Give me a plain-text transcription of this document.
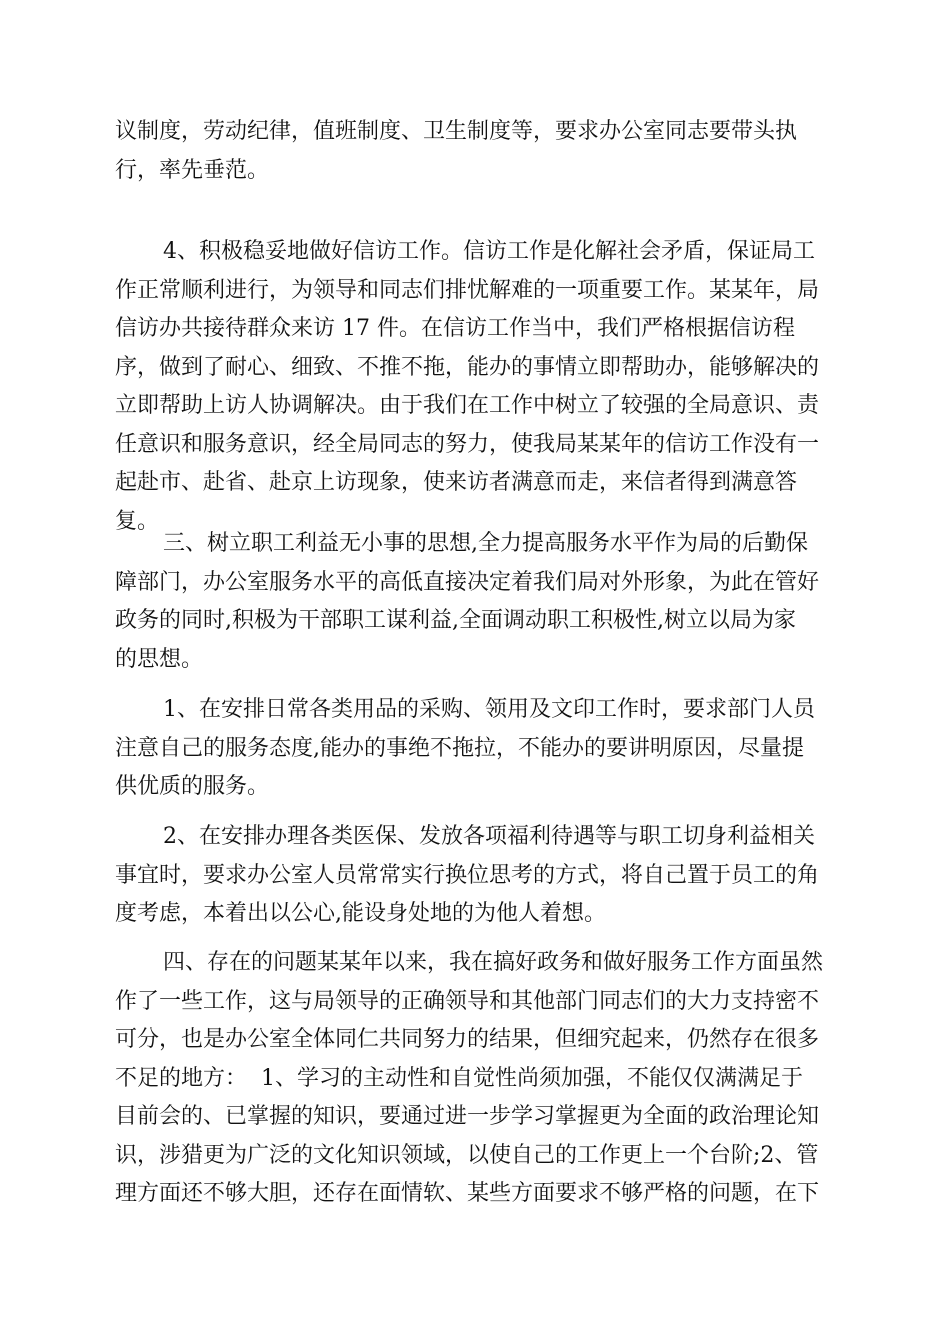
议制度，劳动纪律，值班制度、卫生制度等，要求办公室同志要带头执
行，率先垂范。
4、积极稳妥地做好信访工作。信访工作是化解社会矛盾，保证局工
作正常顺利进行，为领导和同志们排忧解难的一项重要工作。某某年，局
信访办共接待群众来访 17 件。在信访工作当中，我们严格根据信访程
序，做到了耐心、细致、不推不拖，能办的事情立即帮助办，能够解决的
立即帮助上访人协调解决。由于我们在工作中树立了较强的全局意识、责
任意识和服务意识，经全局同志的努力，使我局某某年的信访工作没有一
起赴市、赴省、赴京上访现象，使来访者满意而走，来信者得到满意答
复。
三、树立职工利益无小事的思想,全力提高服务水平作为局的后勤保
障部门，办公室服务水平的高低直接决定着我们局对外形象，为此在管好
政务的同时,积极为干部职工谋利益,全面调动职工积极性,树立以局为家
的思想。
1、在安排日常各类用品的采购、领用及文印工作时，要求部门人员
注意自己的服务态度,能办的事绝不拖拉，不能办的要讲明原因，尽量提
供优质的服务。
2、在安排办理各类医保、发放各项福利待遇等与职工切身利益相关
事宜时，要求办公室人员常常实行换位思考的方式，将自己置于员工的角
度考虑，本着出以公心,能设身处地的为他人着想。
四、存在的问题某某年以来，我在搞好政务和做好服务工作方面虽然
作了一些工作，这与局领导的正确领导和其他部门同志们的大力支持密不
可分，也是办公室全体同仁共同努力的结果，但细究起来，仍然存在很多
不足的地方：  1、学习的主动性和自觉性尚须加强，不能仅仅满满足于
目前会的、已掌握的知识，要通过进一步学习掌握更为全面的政治理论知
识，涉猎更为广泛的文化知识领域，以使自己的工作更上一个台阶;2、管
理方面还不够大胆，还存在面情软、某些方面要求不够严格的问题，在下
